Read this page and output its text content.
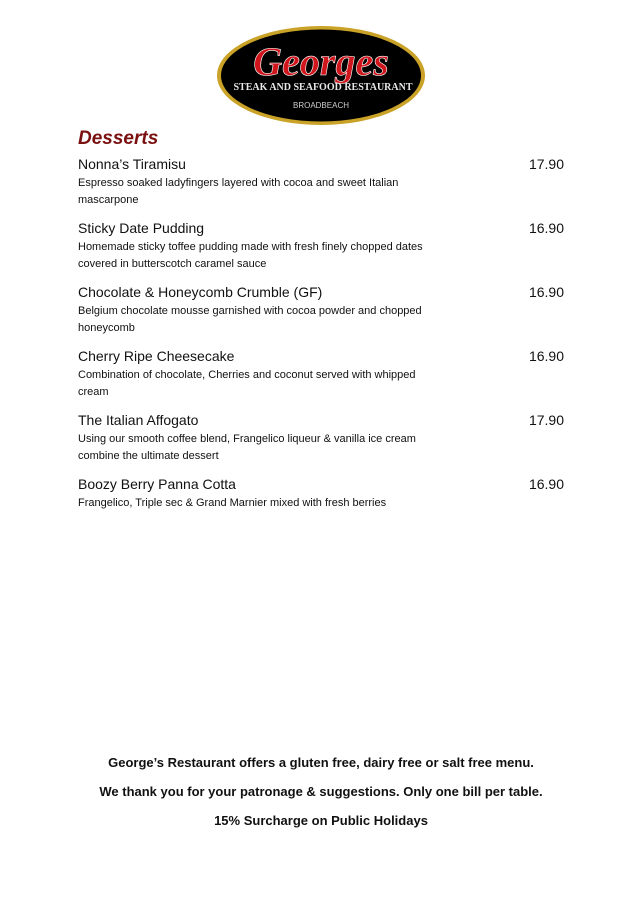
Georges
STEAK AND SEAFOOD RESTAURANT
BROADBEACH
Desserts
Nonna’s Tiramisu	17.90
Espresso soaked ladyfingers layered with cocoa and sweet Italian
mascarpone
Sticky Date Pudding	16.90
Homemade sticky toffee pudding made with fresh finely chopped dates
covered in butterscotch caramel sauce
Chocolate & Honeycomb Crumble (GF)	16.90
Belgium chocolate mousse garnished with cocoa powder and chopped
honeycomb
Cherry Ripe Cheesecake	16.90
Combination of chocolate, Cherries and coconut served with whipped
cream
The Italian Affogato	17.90
Using our smooth coffee blend, Frangelico liqueur & vanilla ice cream
combine the ultimate dessert
Boozy Berry Panna Cotta	16.90
Frangelico, Triple sec & Grand Marnier mixed with fresh berries
George’s Restaurant offers a gluten free, dairy free or salt free menu.
We thank you for your patronage & suggestions. Only one bill per table.
15% Surcharge on Public Holidays
